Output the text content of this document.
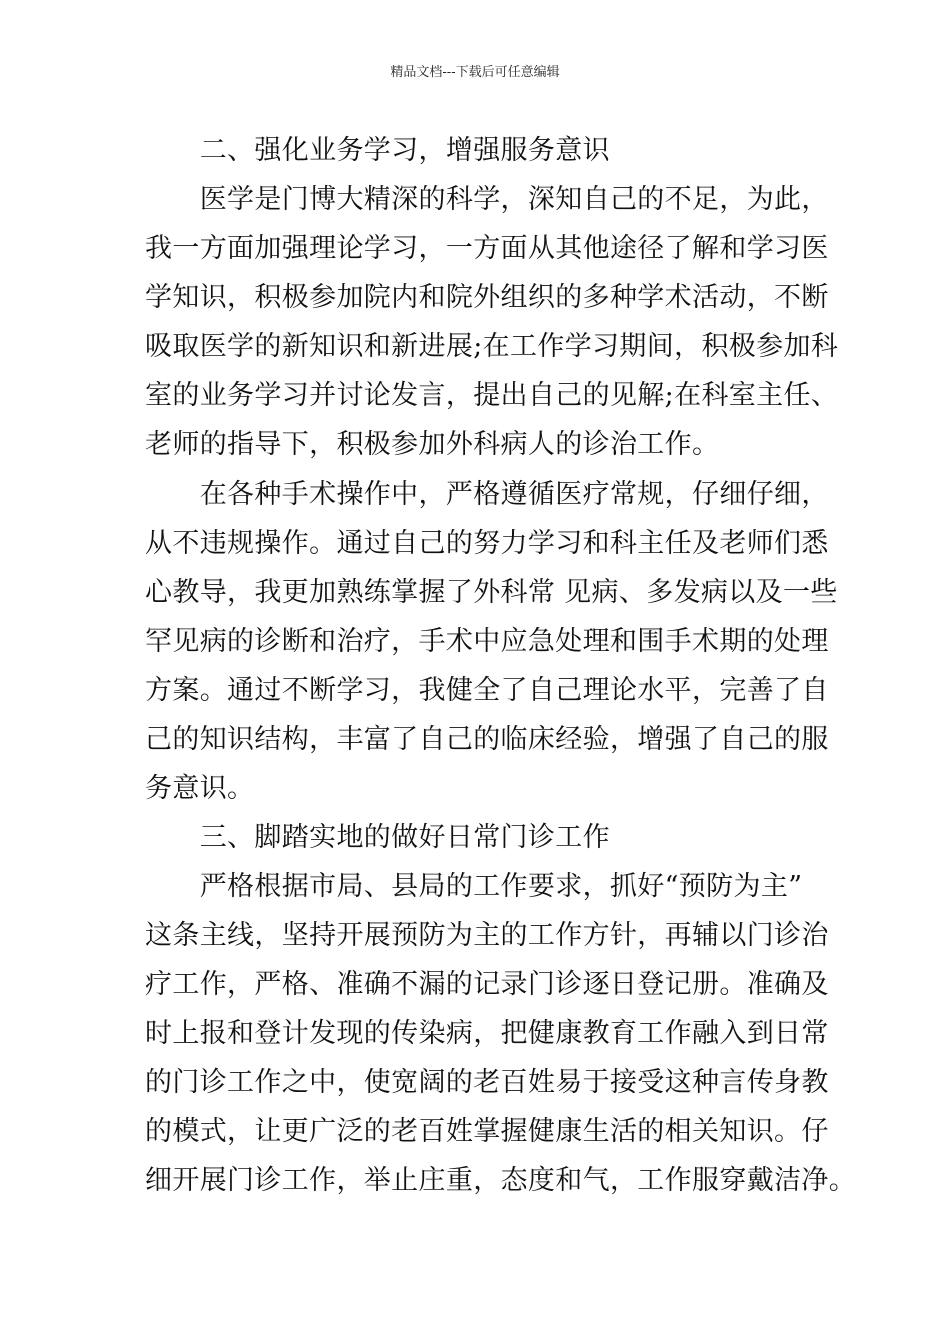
精品文档---下载后可任意编辑
　　二、强化业务学习，增强服务意识
　　医学是门博大精深的科学，深知自己的不足，为此，
我一方面加强理论学习，一方面从其他途径了解和学习医
学知识，积极参加院内和院外组织的多种学术活动，不断
吸取医学的新知识和新进展;在工作学习期间，积极参加科
室的业务学习并讨论发言，提出自己的见解;在科室主任、
老师的指导下，积极参加外科病人的诊治工作。
　　在各种手术操作中，严格遵循医疗常规，仔细仔细，
从不违规操作。通过自己的努力学习和科主任及老师们悉
心教导，我更加熟练掌握了外科常 见病、多发病以及一些
罕见病的诊断和治疗，手术中应急处理和围手术期的处理
方案。通过不断学习，我健全了自己理论水平，完善了自
己的知识结构，丰富了自己的临床经验，增强了自己的服
务意识。
　　三、脚踏实地的做好日常门诊工作
　　严格根据市局、县局的工作要求，抓好“预防为主”
这条主线，坚持开展预防为主的工作方针，再辅以门诊治
疗工作，严格、准确不漏的记录门诊逐日登记册。准确及
时上报和登计发现的传染病，把健康教育工作融入到日常
的门诊工作之中，使宽阔的老百姓易于接受这种言传身教
的模式，让更广泛的老百姓掌握健康生活的相关知识。仔
细开展门诊工作，举止庄重，态度和气，工作服穿戴洁净。
